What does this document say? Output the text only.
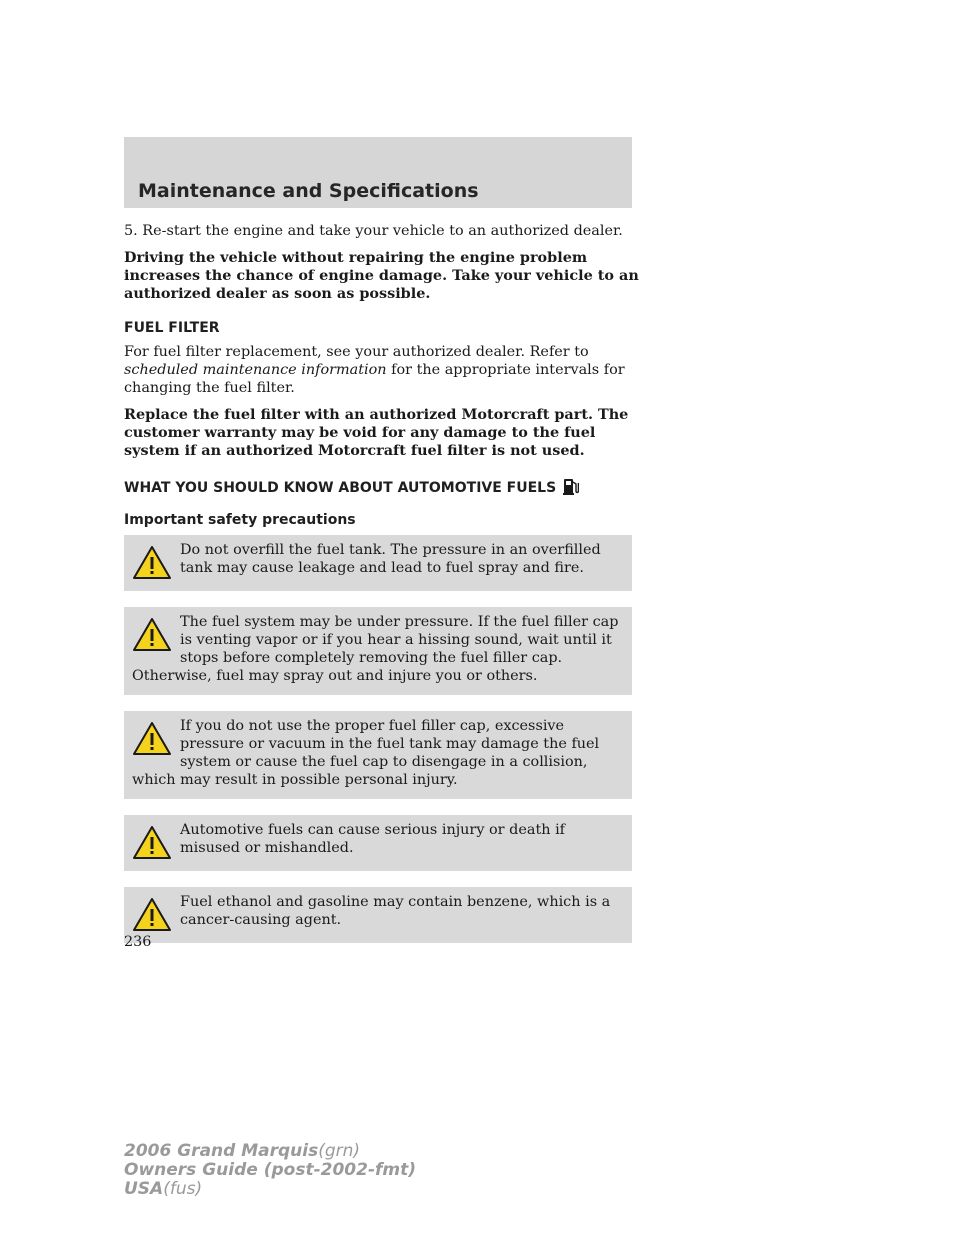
Maintenance and Specifications

5. Re-start the engine and take your vehicle to an authorized dealer.

Driving the vehicle without repairing the engine problem increases the chance of engine damage. Take your vehicle to an authorized dealer as soon as possible.

FUEL FILTER

For fuel filter replacement, see your authorized dealer. Refer to
scheduled maintenance information for the appropriate intervals for changing the fuel filter.

Replace the fuel filter with an authorized Motorcraft part. The customer warranty may be void for any damage to the fuel system if an authorized Motorcraft fuel filter is not used.

WHAT YOU SHOULD KNOW ABOUT AUTOMOTIVE FUELS
Important safety precautions
Do not overfill the fuel tank. The pressure in an overfilled tank may cause leakage and lead to fuel spray and fire.
The fuel system may be under pressure. If the fuel filler cap is venting vapor or if you hear a hissing sound, wait until it stops before completely removing the fuel filler cap. Otherwise, fuel may spray out and injure you or others.
If you do not use the proper fuel filler cap, excessive pressure or vacuum in the fuel tank may damage the fuel system or cause the fuel cap to disengage in a collision, which may result in possible personal injury.
Automotive fuels can cause serious injury or death if misused or mishandled.
Fuel ethanol and gasoline may contain benzene, which is a cancer-causing agent.
236
2006 Grand Marquis(grn)
Owners Guide (post-2002-fmt)
USA(fus)
